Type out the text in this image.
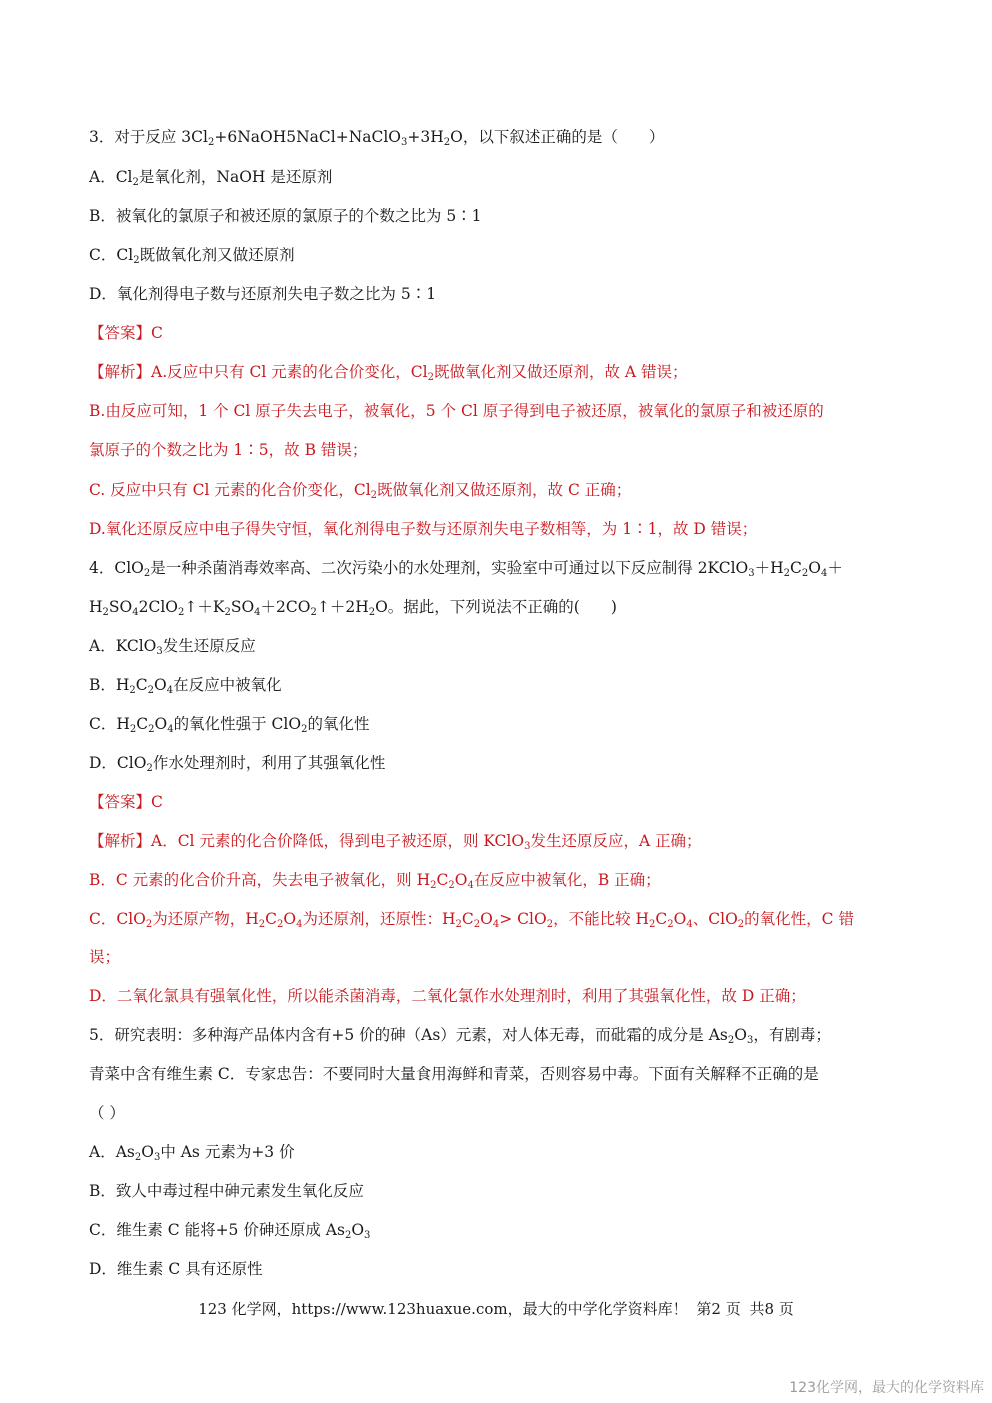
3．对于反应 $3Cl_2+6NaOH5NaCl+NaClO_3+3H_2O$，以下叙述正确的是（　　）
A．$Cl_2$是氧化剂，NaOH 是还原剂
B．被氧化的氯原子和被还原的氯原子的个数之比为 5∶1
C．$Cl_2$既做氧化剂又做还原剂
D．氧化剂得电子数与还原剂失电子数之比为 5∶1
【答案】C
【解析】A.反应中只有 Cl 元素的化合价变化，$Cl_2$既做氧化剂又做还原剂，故 A 错误；
B.由反应可知，1 个 Cl 原子失去电子，被氧化，5 个 Cl 原子得到电子被还原，被氧化的氯原子和被还原的
氯原子的个数之比为 1∶5，故 B 错误；
C. 反应中只有 Cl 元素的化合价变化，$Cl_2$既做氧化剂又做还原剂，故 C 正确；
D.氧化还原反应中电子得失守恒，氧化剂得电子数与还原剂失电子数相等，为 1∶1，故 D 错误；
4．ClO$_2$是一种杀菌消毒效率高、二次污染小的水处理剂，实验室中可通过以下反应制得 $2KClO_3+H_2C_2O_4+$
$H_2SO_42ClO_2↑+K_2SO_4+2CO_2↑+2H_2O$。据此，下列说法不正确的(　　)
A．KClO$_3$发生还原反应
B．$H_2C_2O_4$在反应中被氧化
C．$H_2C_2O_4$的氧化性强于 ClO$_2$的氧化性
D．ClO$_2$作水处理剂时，利用了其强氧化性
【答案】C
【解析】A．Cl 元素的化合价降低，得到电子被还原，则 KClO$_3$发生还原反应，A 正确；
B．C 元素的化合价升高，失去电子被氧化，则 $H_2C_2O_4$在反应中被氧化，B 正确；
C．ClO$_2$为还原产物，$H_2C_2O_4$为还原剂，还原性：$H_2C_2O_4> ClO_2$，不能比较 $H_2C_2O_4$、ClO$_2$的氧化性，C 错
误；
D．二氧化氯具有强氧化性，所以能杀菌消毒，二氧化氯作水处理剂时，利用了其强氧化性，故 D 正确；
5．研究表明：多种海产品体内含有+5 价的砷（As）元素，对人体无毒，而砒霜的成分是 $As_2O_3$，有剧毒；
青菜中含有维生素 C．专家忠告：不要同时大量食用海鲜和青菜，否则容易中毒。下面有关解释不正确的是
（ ）
A．$As_2O_3$中 As 元素为+3 价
B．致人中毒过程中砷元素发生氧化反应
C．维生素 C 能将+5 价砷还原成 $As_2O_3$
D．维生素 C 具有还原性
123 化学网，https://www.123huaxue.com，最大的中学化学资料库！ 第2 页 共8 页
123化学网，最大的化学资料库
